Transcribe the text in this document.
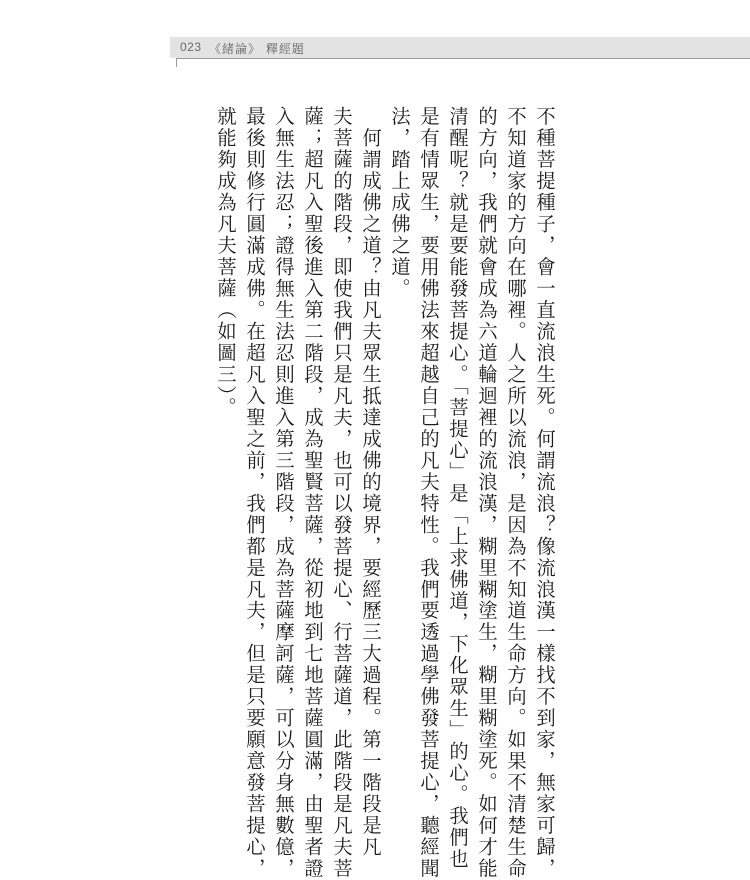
023 《緒論》 釋經題
不種菩提種子，會一直流浪生死。何謂流浪？像流浪漢一樣找不到家，無家可歸，
不知道家的方向在哪裡。人之所以流浪，是因為不知道生命方向。如果不清楚生命
的方向，我們就會成為六道輪迴裡的流浪漢，糊里糊塗生，糊里糊塗死。如何才能
清醒呢？就是要能發菩提心。「菩提心」是「上求佛道，下化眾生」的心。我們也
是有情眾生，要用佛法來超越自己的凡夫特性。我們要透過學佛發菩提心，聽經聞
法，踏上成佛之道。
　何謂成佛之道？由凡夫眾生抵達成佛的境界，要經歷三大過程。第一階段是凡
夫菩薩的階段，即使我們只是凡夫，也可以發菩提心、行菩薩道，此階段是凡夫菩
薩；超凡入聖後進入第二階段，成為聖賢菩薩，從初地到七地菩薩圓滿，由聖者證
入無生法忍；證得無生法忍則進入第三階段，成為菩薩摩訶薩，可以分身無數億，
最後則修行圓滿成佛。在超凡入聖之前，我們都是凡夫，但是只要願意發菩提心，
就能夠成為凡夫菩薩（如圖三）。
